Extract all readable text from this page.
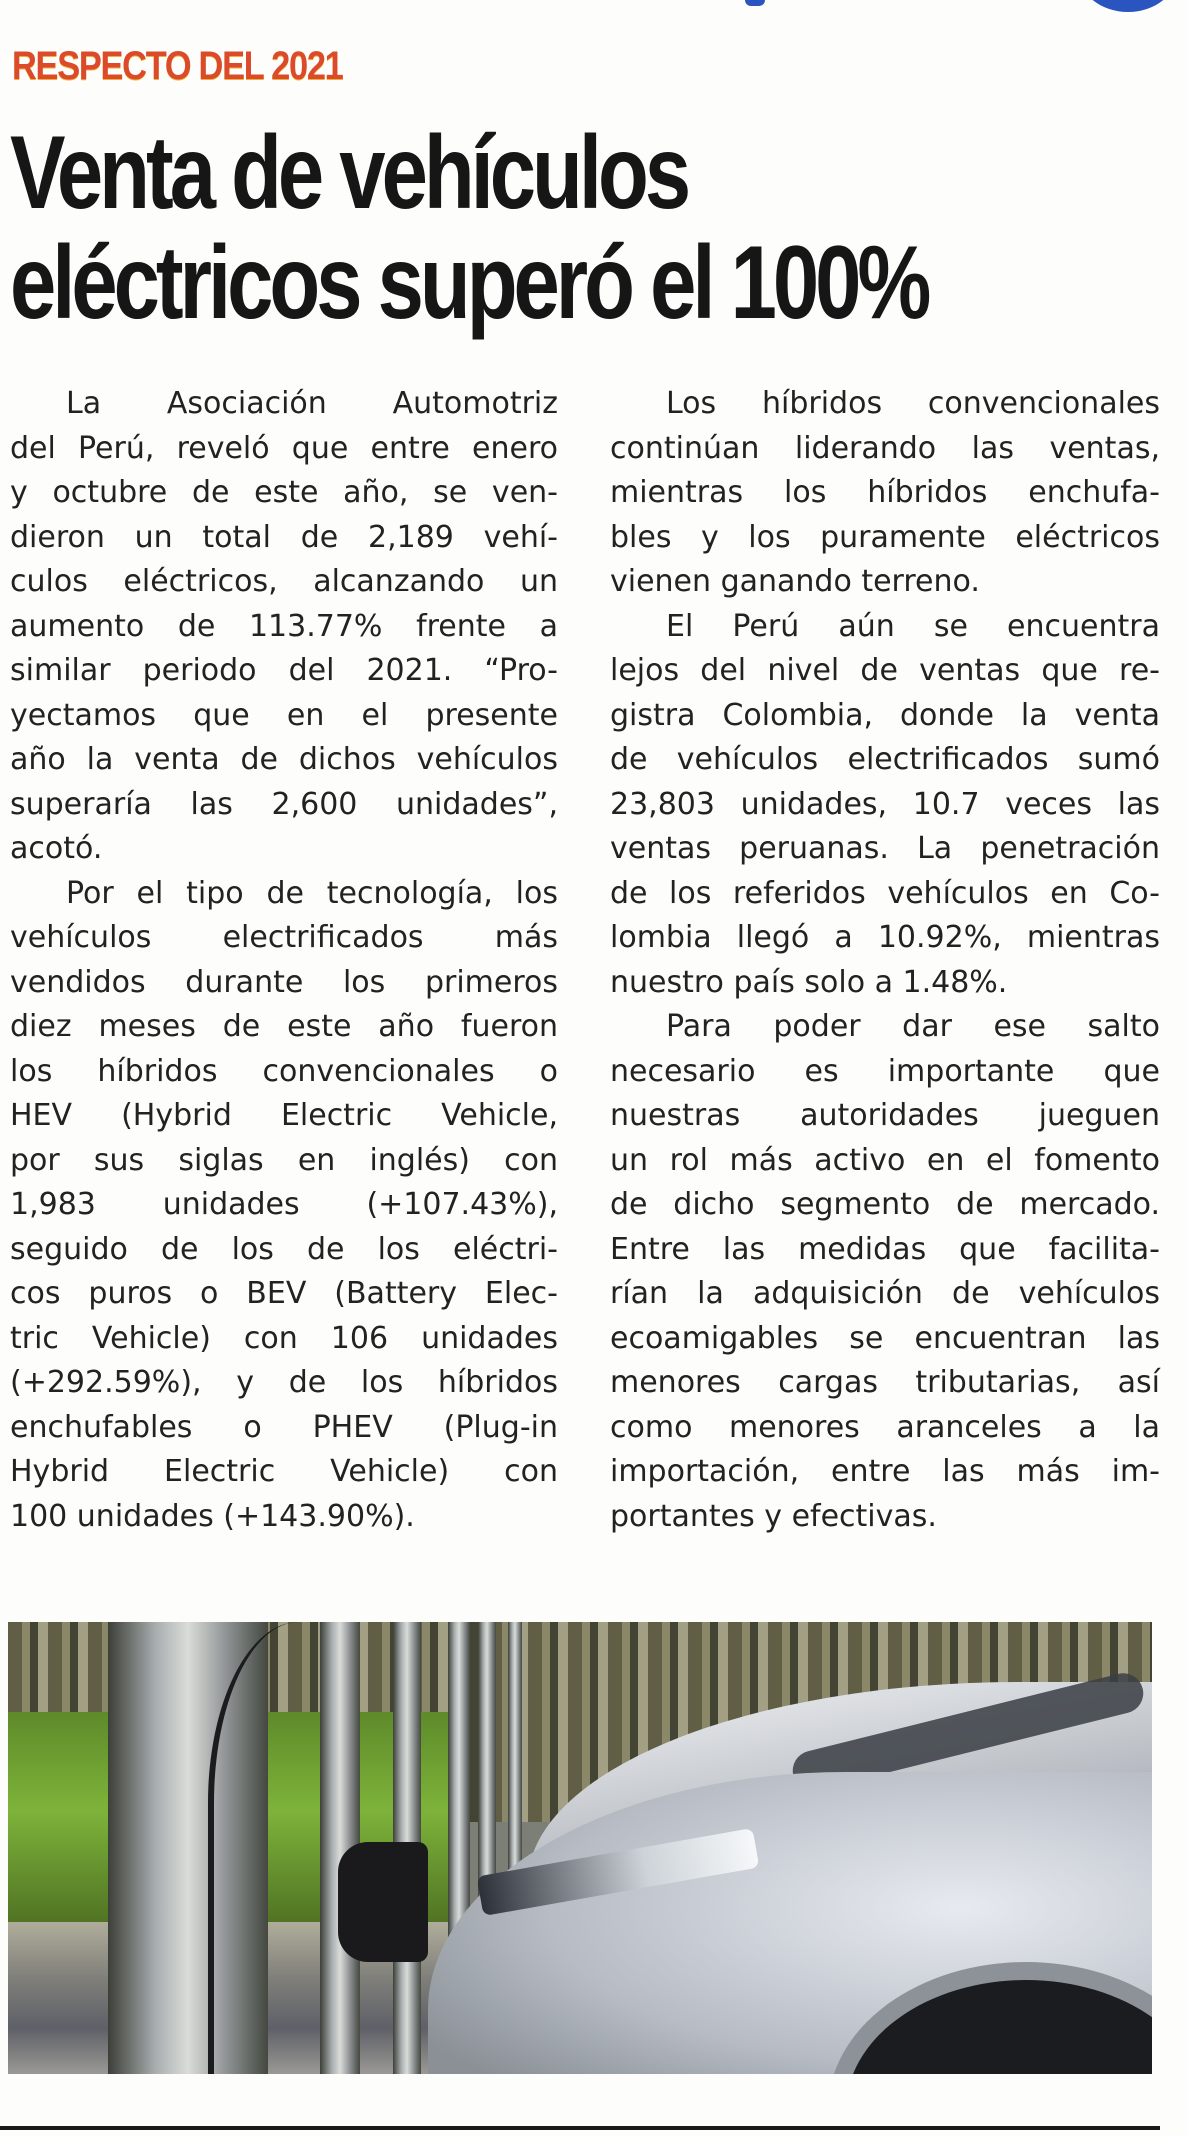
RESPECTO DEL 2021
Venta de vehículos
eléctricos superó el 100%

La Asociación Automotriz
del Perú, reveló que entre enero
y octubre de este año, se ven-
dieron un total de 2,189 vehí-
culos eléctricos, alcanzando un
aumento de 113.77% frente a
similar periodo del 2021. “Pro-
yectamos que en el presente
año la venta de dichos vehículos
superaría las 2,600 unidades”,
acotó.

Por el tipo de tecnología, los
vehículos electrificados más
vendidos durante los primeros
diez meses de este año fueron
los híbridos convencionales o
HEV (Hybrid Electric Vehicle,
por sus siglas en inglés) con
1,983 unidades (+107.43%),
seguido de los de los eléctri-
cos puros o BEV (Battery Elec-
tric Vehicle) con 106 unidades
(+292.59%), y de los híbridos
enchufables o PHEV (Plug-in
Hybrid Electric Vehicle) con
100 unidades (+143.90%).

Los híbridos convencionales
continúan liderando las ventas,
mientras los híbridos enchufa-
bles y los puramente eléctricos
vienen ganando terreno.

El Perú aún se encuentra
lejos del nivel de ventas que re-
gistra Colombia, donde la venta
de vehículos electrificados sumó
23,803 unidades, 10.7 veces las
ventas peruanas. La penetración
de los referidos vehículos en Co-
lombia llegó a 10.92%, mientras
nuestro país solo a 1.48%.

Para poder dar ese salto
necesario es importante que
nuestras autoridades jueguen
un rol más activo en el fomento
de dicho segmento de mercado.
Entre las medidas que facilita-
rían la adquisición de vehículos
ecoamigables se encuentran las
menores cargas tributarias, así
como menores aranceles a la
importación, entre las más im-
portantes y efectivas.
